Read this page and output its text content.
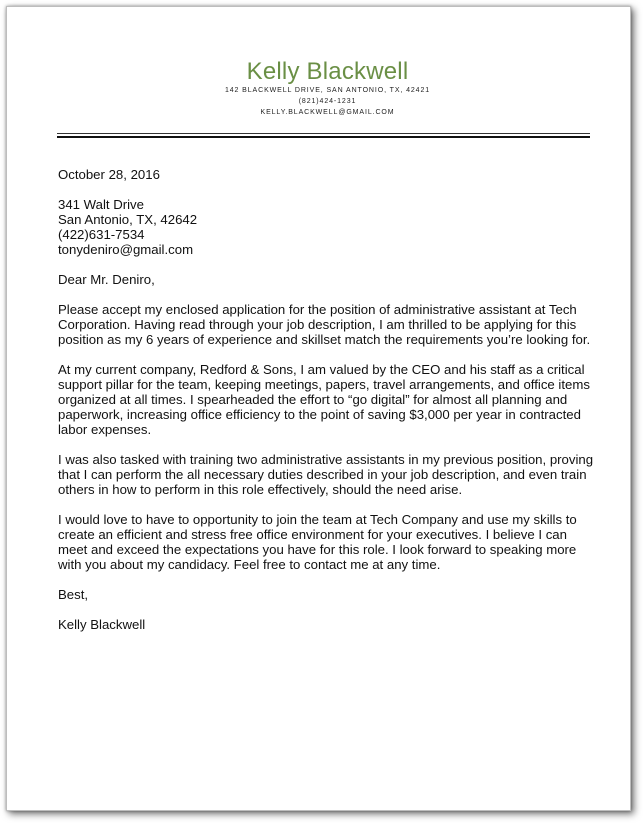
Kelly Blackwell
142 BLACKWELL DRIVE, SAN ANTONIO, TX, 42421
(821)424-1231
KELLY.BLACKWELL@GMAIL.COM

October 28, 2016

341 Walt Drive
San Antonio, TX, 42642
(422)631-7534
tonydeniro@gmail.com

Dear Mr. Deniro,

Please accept my enclosed application for the position of administrative assistant at Tech Corporation. Having read through your job description, I am thrilled to be applying for this position as my 6 years of experience and skillset match the requirements you’re looking for.

At my current company, Redford & Sons, I am valued by the CEO and his staff as a critical support pillar for the team, keeping meetings, papers, travel arrangements, and office items organized at all times. I spearheaded the effort to “go digital” for almost all planning and paperwork, increasing office efficiency to the point of saving $3,000 per year in contracted labor expenses.

I was also tasked with training two administrative assistants in my previous position, proving that I can perform the all necessary duties described in your job description, and even train others in how to perform in this role effectively, should the need arise.

I would love to have to opportunity to join the team at Tech Company and use my skills to create an efficient and stress free office environment for your executives. I believe I can meet and exceed the expectations you have for this role. I look forward to speaking more with you about my candidacy. Feel free to contact me at any time.

Best,

Kelly Blackwell
